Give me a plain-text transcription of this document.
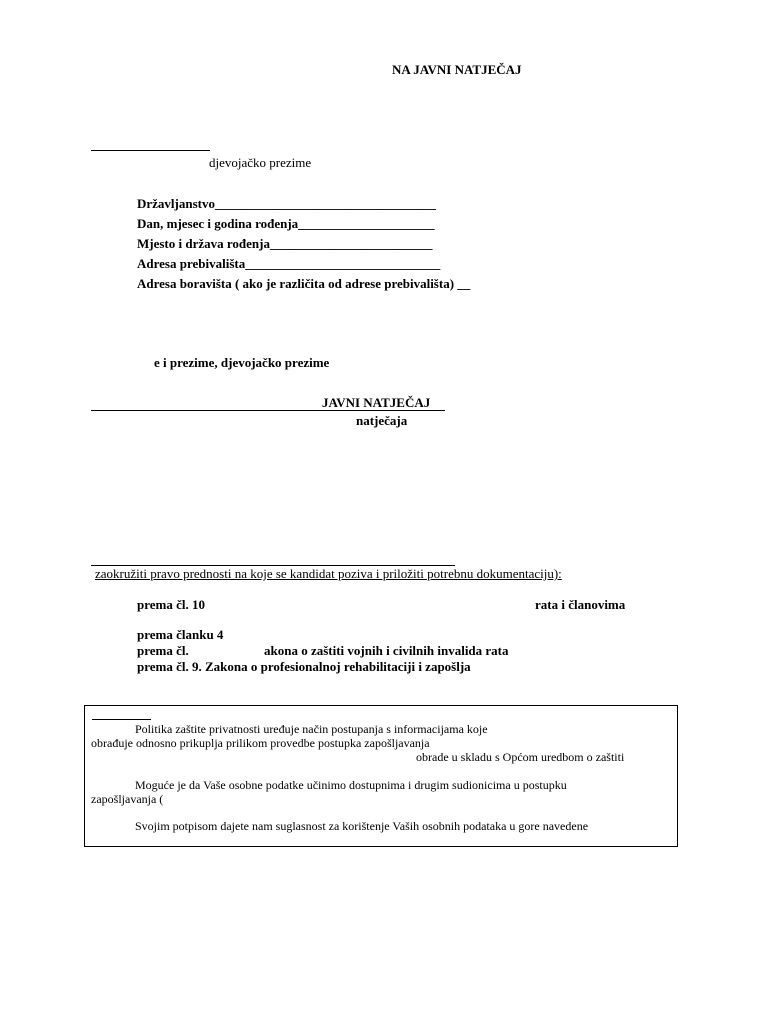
NA JAVNI NATJEČAJ
djevojačko prezime
Državljanstvo__________________________________
Dan, mjesec i godina rođenja_____________________
Mjesto i država rođenja_________________________
Adresa prebivališta______________________________
Adresa boravišta ( ako je različita od adrese prebivališta) __
e i prezime, djevojačko prezime
JAVNI NATJEČAJ
natječaja
zaokružiti pravo prednosti na koje se kandidat poziva i priložiti potrebnu dokumentaciju):
prema čl. 10	rata i članovima
prema članku 4
prema čl.	akona o zaštiti vojnih i civilnih invalida rata
prema čl. 9. Zakona o profesionalnoj rehabilitaciji i zapošlja
Politika zaštite privatnosti uređuje način postupanja s informacijama koje
obrađuje odnosno prikuplja prilikom provedbe postupka zapošljavanja
obrade u skladu s Općom uredbom o zaštiti
Moguće je da Vaše osobne podatke učinimo dostupnima i drugim sudionicima u postupku
zapošljavanja (
Svojim potpisom dajete nam suglasnost za korištenje Vaših osobnih podataka u gore navedene
